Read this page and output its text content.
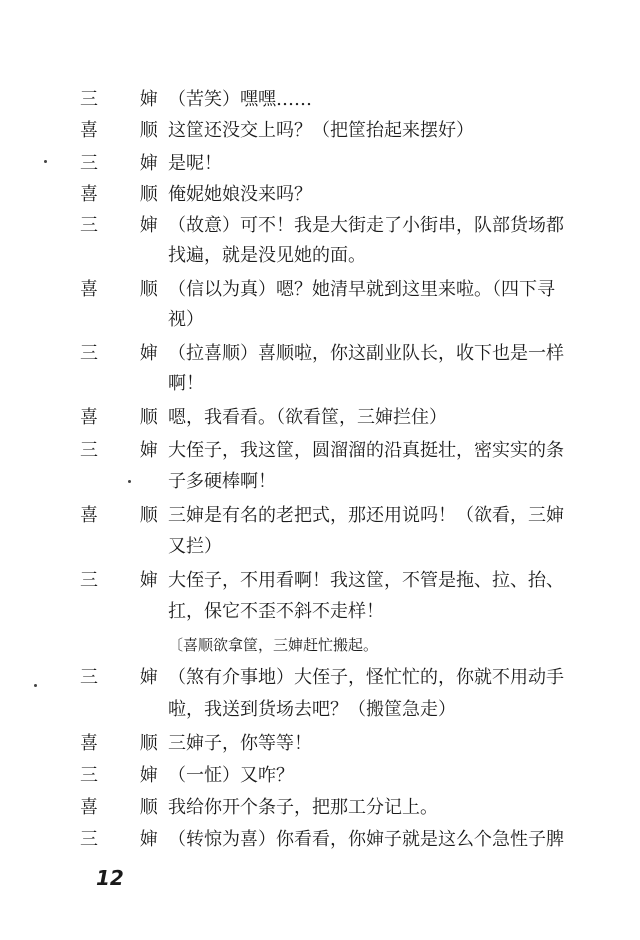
三 婶
（苦笑）嘿嘿……
喜 顺
这筐还没交上吗？（把筐抬起来摆好）
三 婶
是呢！
喜 顺
俺妮她娘没来吗？
三 婶
（故意）可不！我是大街走了小街串，队部货场都
找遍，就是没见她的面。
喜 顺
（信以为真）嗯？她清早就到这里来啦。（四下寻
视）
三 婶
（拉喜顺）喜顺啦，你这副业队长，收下也是一样
啊！
喜 顺
嗯，我看看。（欲看筐，三婶拦住）
三 婶
大侄子，我这筐，圆溜溜的沿真挺壮，密实实的条
子多硬棒啊！
喜 顺
三婶是有名的老把式，那还用说吗！（欲看，三婶
又拦）
三 婶
大侄子，不用看啊！我这筐，不管是拖、拉、抬、
扛，保它不歪不斜不走样！
〔喜顺欲拿筐，三婶赶忙搬起。
三 婶
（煞有介事地）大侄子，怪忙忙的，你就不用动手
啦，我送到货场去吧？（搬筐急走）
喜 顺
三婶子，你等等！
三 婶
（一怔）又咋？
喜 顺
我给你开个条子，把那工分记上。
三 婶
（转惊为喜）你看看，你婶子就是这么个急性子脾
12
